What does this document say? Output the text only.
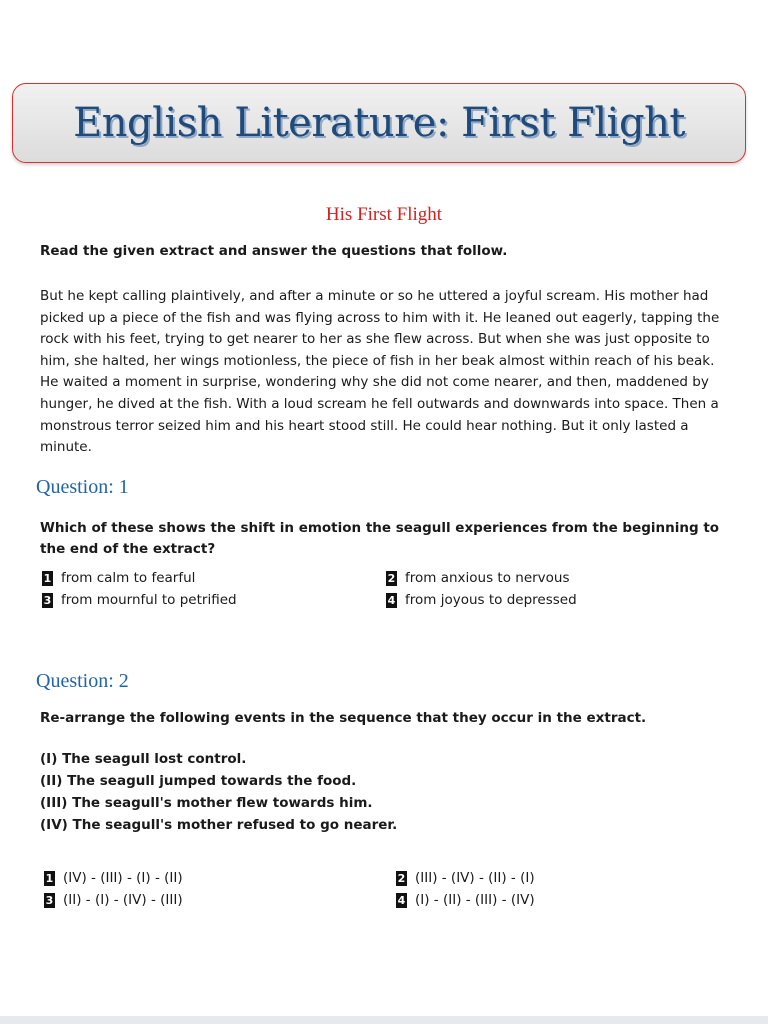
English Literature: First Flight
His First Flight
Read the given extract and answer the questions that follow.

But he kept calling plaintively, and after a minute or so he uttered a joyful scream. His mother had picked up a piece of the fish and was flying across to him with it. He leaned out eagerly, tapping the rock with his feet, trying to get nearer to her as she flew across. But when she was just opposite to him, she halted, her wings motionless, the piece of fish in her beak almost within reach of his beak. He waited a moment in surprise, wondering why she did not come nearer, and then, maddened by hunger, he dived at the fish. With a loud scream he fell outwards and downwards into space. Then a monstrous terror seized him and his heart stood still. He could hear nothing. But it only lasted a minute.

Question: 1
Which of these shows the shift in emotion the seagull experiences from the beginning to the end of the extract?
1 from calm to fearful	2 from anxious to nervous
3 from mournful to petrified	4 from joyous to depressed
Question: 2
Re-arrange the following events in the sequence that they occur in the extract.
(I) The seagull lost control.
(II) The seagull jumped towards the food.
(III) The seagull's mother flew towards him.
(IV) The seagull's mother refused to go nearer.
1 (IV) - (III) - (I) - (II)	2 (III) - (IV) - (II) - (I)
3 (II) - (I) - (IV) - (III)	4 (I) - (II) - (III) - (IV)
